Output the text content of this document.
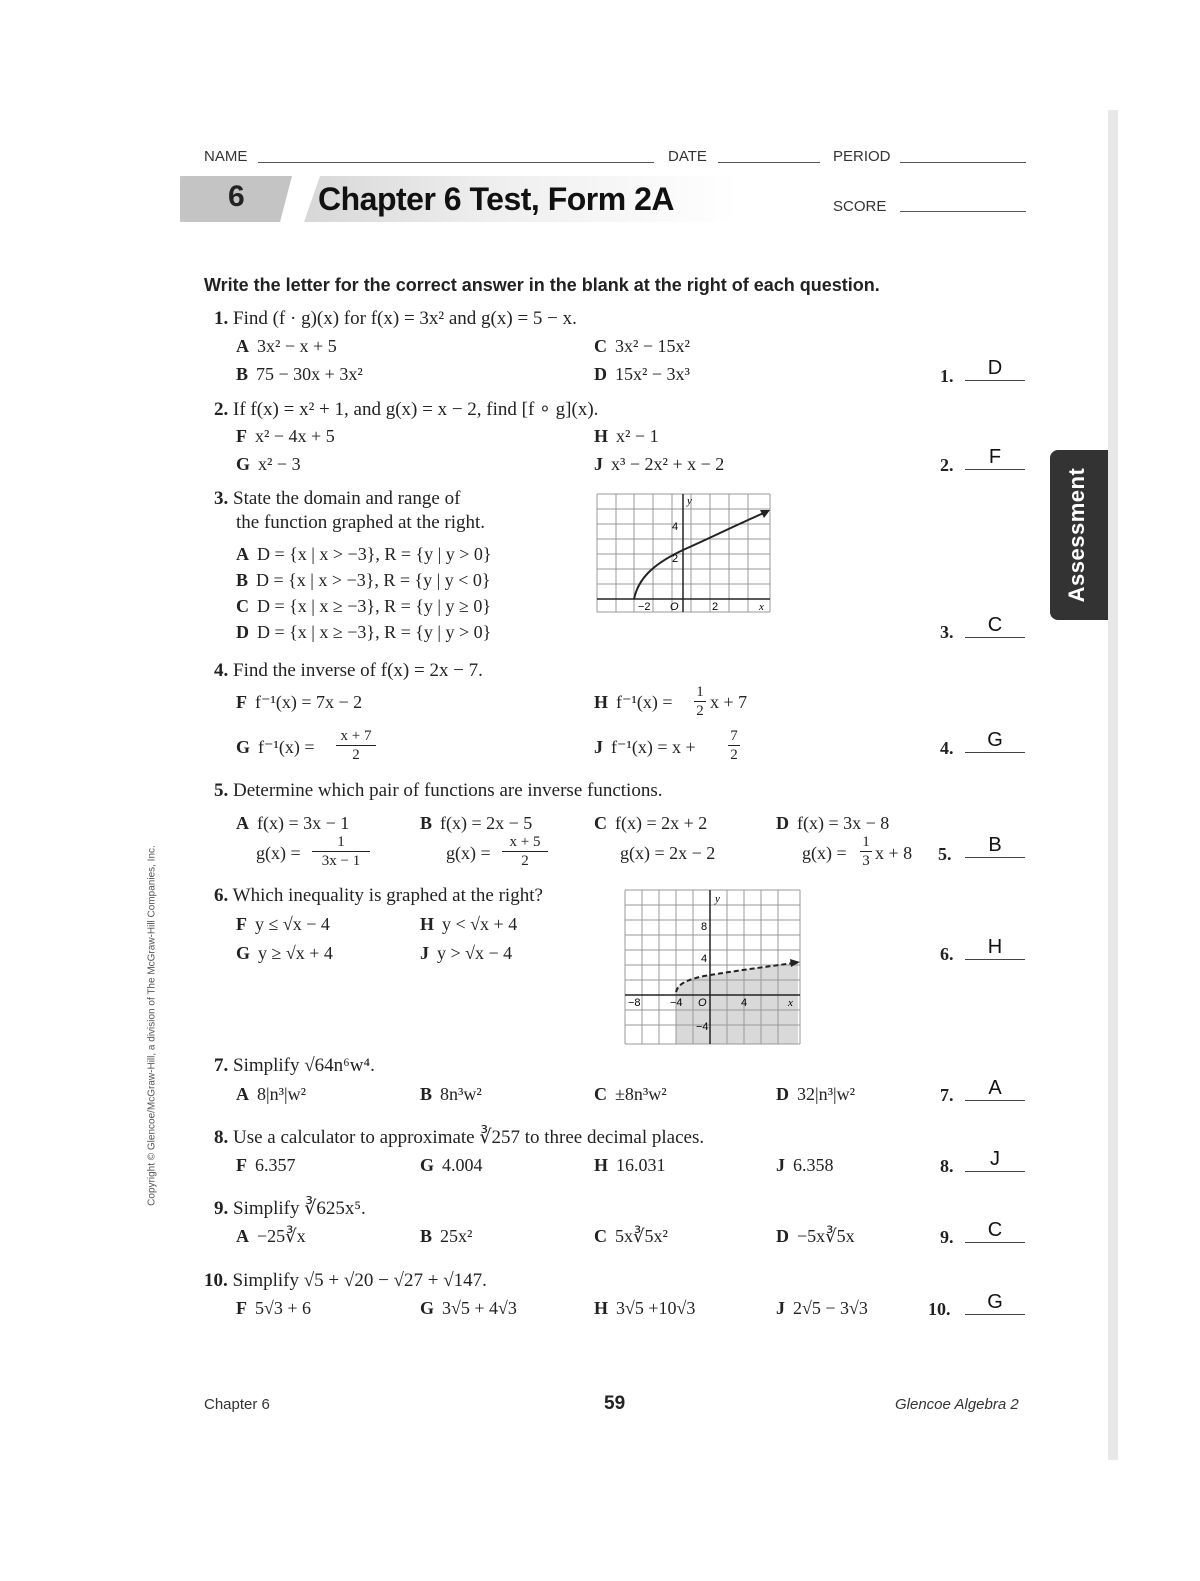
NAME	DATE	PERIOD
6 Chapter 6 Test, Form 2A	SCORE
Assessment
Copyright © Glencoe/McGraw-Hill, a division of The McGraw-Hill Companies, Inc.
Write the letter for the correct answer in the blank at the right of each question.
1. Find (f · g)(x) for f(x) = 3x² and g(x) = 5 − x.
A 3x² − x + 5
B 75 − 30x + 3x²
C 3x² − 15x²
D 15x² − 3x³	1.	D
2. If f(x) = x² + 1, and g(x) = x − 2, find [f ∘ g](x).
F x² − 4x + 5
G x² − 3
H x² − 1
J x³ − 2x² + x − 2	2.	F
3. State the domain and range of
the function graphed at the right.
A D = {x | x > −3}, R = {y | y > 0}
B D = {x | x > −3}, R = {y | y < 0}
C D = {x | x ≥ −3}, R = {y | y ≥ 0}
D D = {x | x ≥ −3}, R = {y | y > 0}
y
x
4
2
−2 O	2
3.	C
4. Find the inverse of f(x) = 2x − 7.
F f⁻¹(x) = 7x − 2
G f⁻¹(x) =
x + 7
2
H f⁻¹(x) = 1
2 x + 7
J f⁻¹(x) = x +
7
2	4.	G
5. Determine which pair of functions are inverse functions.
A f(x) = 3x − 1
g(x) =
1
3x − 1
B f(x) = 2x − 5
g(x) =
x + 5
2
C f(x) = 2x + 2
g(x) = 2x − 2
D f(x) = 3x − 8
g(x) =
1
3 x + 8 5.	B
6. Which inequality is graphed at the right?
F y ≤ √x − 4
G y ≥ √x + 4
H y < √x + 4
J y > √x − 4
y
x
8
4
−8	−4 O	4
−4
6.	H
7. Simplify √64n⁶w⁴.
A 8|n³|w²	B 8n³w²	C ±8n³w²	D 32|n³|w²	7.	A
8. Use a calculator to approximate ∛257 to three decimal places.
F 6.357	G 4.004	H 16.031	J 6.358	8.	J
9. Simplify ∛625x⁵.
A −25∛x	B 25x²	C 5x∛5x²	D −5x∛5x	9.	C
10. Simplify √5 + √20 − √27 + √147.
F 5√3 + 6	G 3√5 + 4√3	H 3√5 +10√3	J 2√5 − 3√3	10.	G
Chapter 6	59	Glencoe Algebra 2
